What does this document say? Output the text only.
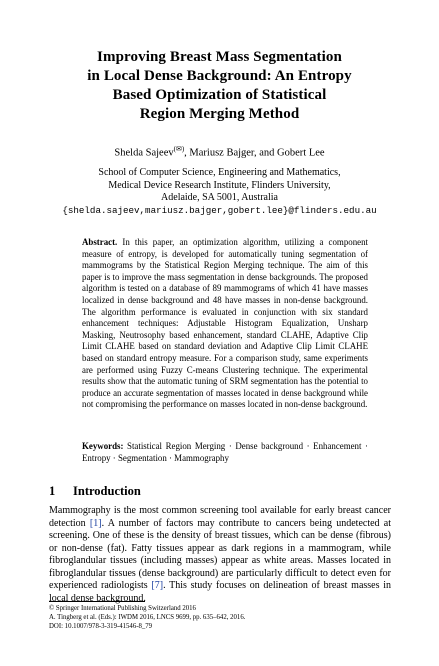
Improving Breast Mass Segmentation
in Local Dense Background: An Entropy
Based Optimization of Statistical
Region Merging Method
Shelda Sajeev(✉), Mariusz Bajger, and Gobert Lee
School of Computer Science, Engineering and Mathematics,
Medical Device Research Institute, Flinders University,
Adelaide, SA 5001, Australia
{shelda.sajeev,mariusz.bajger,gobert.lee}@flinders.edu.au
Abstract. In this paper, an optimization algorithm, utilizing a component measure of entropy, is developed for automatically tuning segmentation of mammograms by the Statistical Region Merging technique. The aim of this paper is to improve the mass segmentation in dense backgrounds. The proposed algorithm is tested on a database of 89 mammograms of which 41 have masses localized in dense background and 48 have masses in non-dense background. The algorithm performance is evaluated in conjunction with six standard enhancement techniques: Adjustable Histogram Equalization, Unsharp Masking, Neutrosophy based enhancement, standard CLAHE, Adaptive Clip Limit CLAHE based on standard deviation and Adaptive Clip Limit CLAHE based on standard entropy measure. For a comparison study, same experiments are performed using Fuzzy C-means Clustering technique. The experimental results show that the automatic tuning of SRM segmentation has the potential to produce an accurate segmentation of masses located in dense background while not compromising the performance on masses located in non-dense background.
Keywords: Statistical Region Merging · Dense background · Enhancement · Entropy · Segmentation · Mammography
1 Introduction
Mammography is the most common screening tool available for early breast cancer detection [1]. A number of factors may contribute to cancers being undetected at screening. One of these is the density of breast tissues, which can be dense (fibrous) or non-dense (fat). Fatty tissues appear as dark regions in a mammogram, while fibroglandular tissues (including masses) appear as white areas. Masses located in fibroglandular tissues (dense background) are particularly difficult to detect even for experienced radiologists [7]. This study focuses on delineation of breast masses in local dense background.
© Springer International Publishing Switzerland 2016
A. Tingberg et al. (Eds.): IWDM 2016, LNCS 9699, pp. 635–642, 2016.
DOI: 10.1007/978-3-319-41546-8_79
